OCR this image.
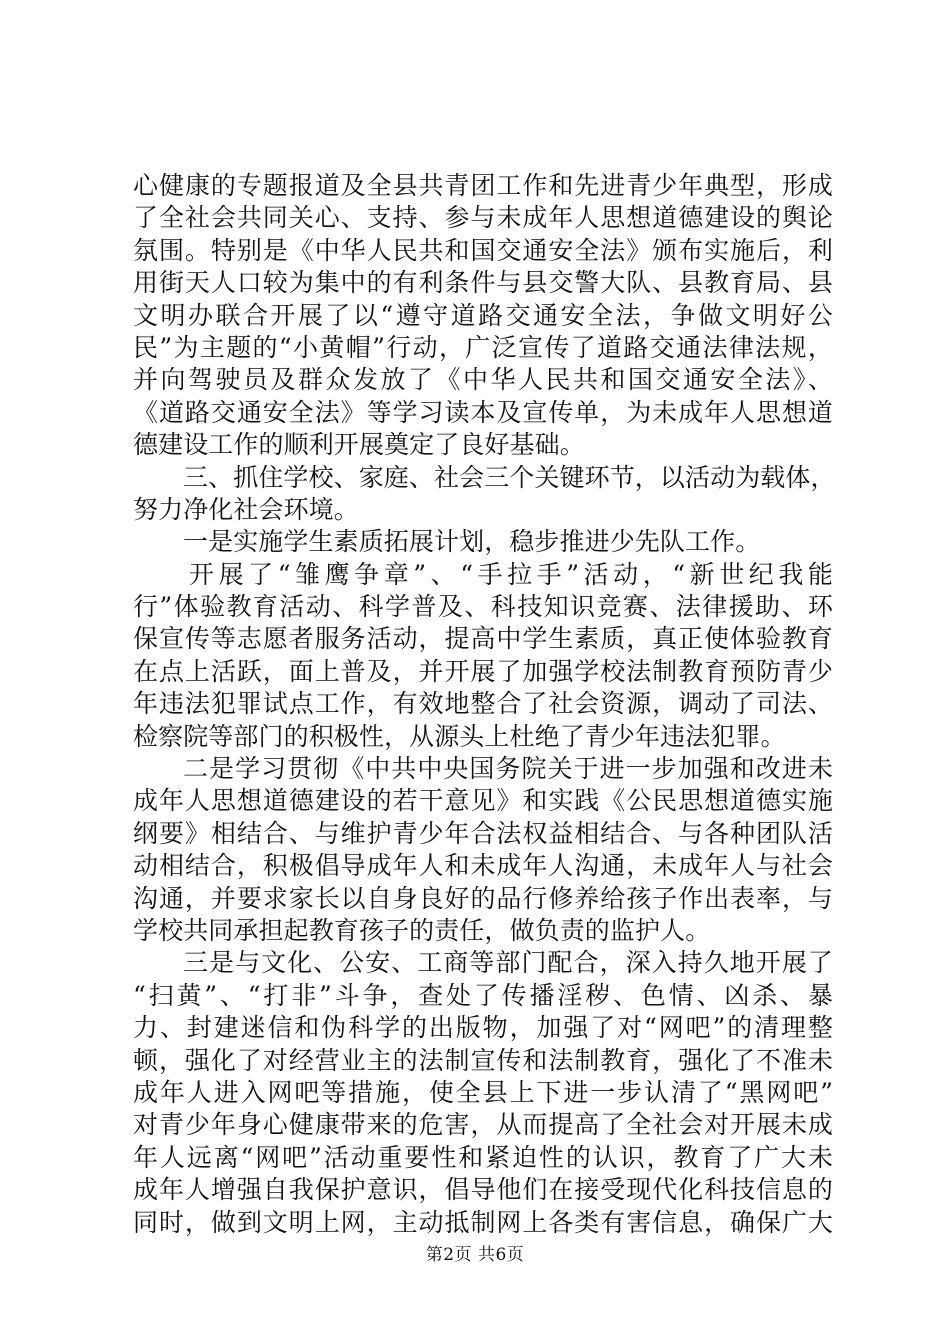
心健康的专题报道及全县共青团工作和先进青少年典型，形成
了全社会共同关心、支持、参与未成年人思想道德建设的舆论
氛围。特别是《中华人民共和国交通安全法》颁布实施后，利
用街天人口较为集中的有利条件与县交警大队、县教育局、县
文明办联合开展了以“遵守道路交通安全法，争做文明好公
民”为主题的“小黄帽”行动，广泛宣传了道路交通法律法规，
并向驾驶员及群众发放了《中华人民共和国交通安全法》、
《道路交通安全法》等学习读本及宣传单，为未成年人思想道
德建设工作的顺利开展奠定了良好基础。
三、抓住学校、家庭、社会三个关键环节，以活动为载体，
努力净化社会环境。
一是实施学生素质拓展计划，稳步推进少先队工作。
开展了“雏鹰争章”、“手拉手”活动，“新世纪我能
行”体验教育活动、科学普及、科技知识竞赛、法律援助、环
保宣传等志愿者服务活动，提高中学生素质，真正使体验教育
在点上活跃，面上普及，并开展了加强学校法制教育预防青少
年违法犯罪试点工作，有效地整合了社会资源，调动了司法、
检察院等部门的积极性，从源头上杜绝了青少年违法犯罪。
二是学习贯彻《中共中央国务院关于进一步加强和改进未
成年人思想道德建设的若干意见》和实践《公民思想道德实施
纲要》相结合、与维护青少年合法权益相结合、与各种团队活
动相结合，积极倡导成年人和未成年人沟通，未成年人与社会
沟通，并要求家长以自身良好的品行修养给孩子作出表率，与
学校共同承担起教育孩子的责任，做负责的监护人。
三是与文化、公安、工商等部门配合，深入持久地开展了
“扫黄”、“打非”斗争，查处了传播淫秽、色情、凶杀、暴
力、封建迷信和伪科学的出版物，加强了对“网吧”的清理整
顿，强化了对经营业主的法制宣传和法制教育，强化了不准未
成年人进入网吧等措施，使全县上下进一步认清了“黑网吧”
对青少年身心健康带来的危害，从而提高了全社会对开展未成
年人远离“网吧”活动重要性和紧迫性的认识，教育了广大未
成年人增强自我保护意识，倡导他们在接受现代化科技信息的
同时，做到文明上网，主动抵制网上各类有害信息，确保广大
第2页 共6页
